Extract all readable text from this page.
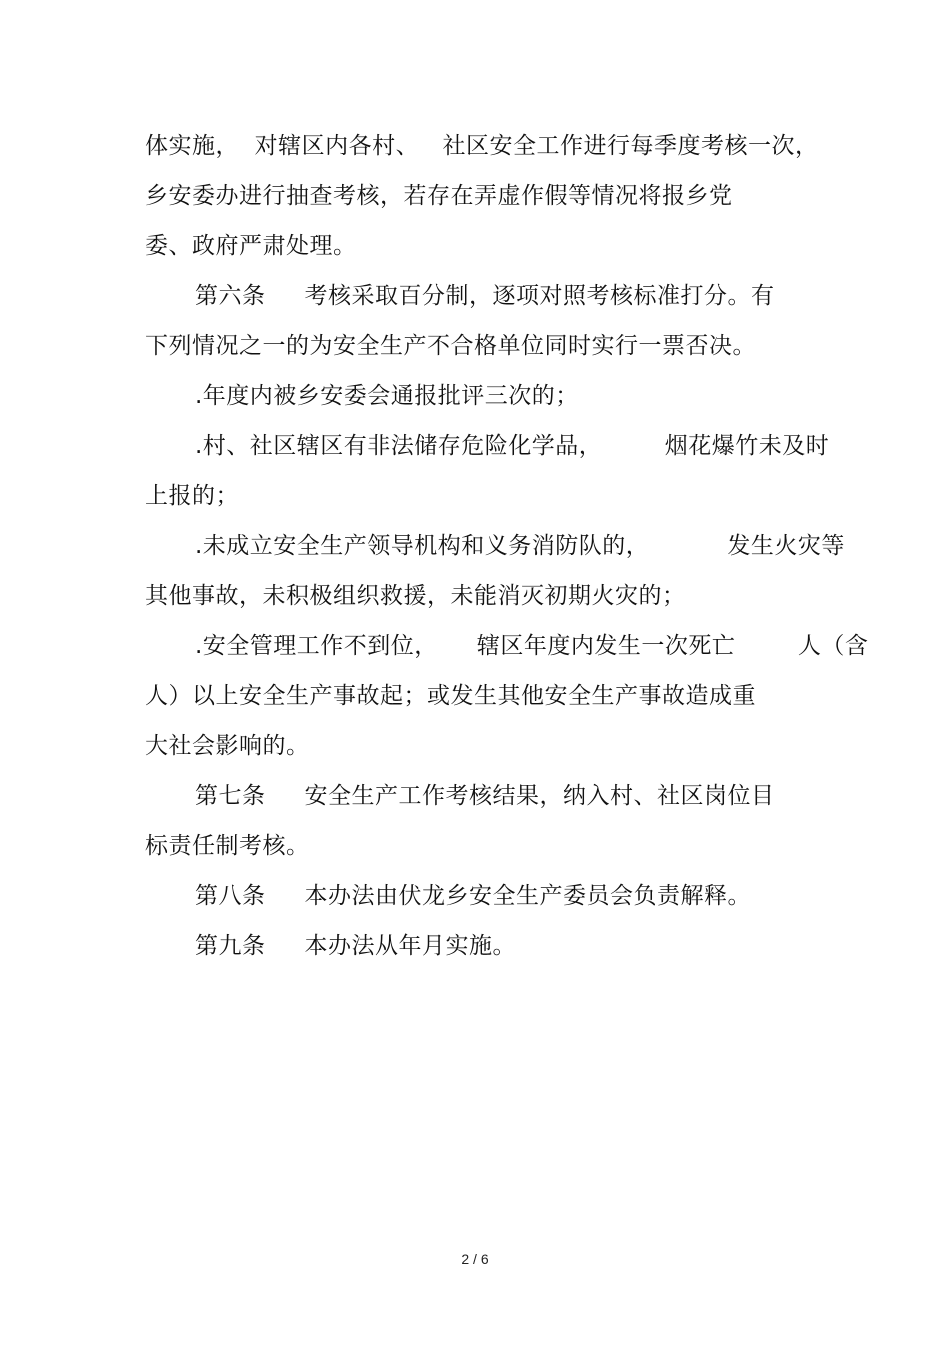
体实施，  对辖区内各村、   社区安全工作进行每季度考核一次，
乡安委办进行抽查考核，若存在弄虚作假等情况将报乡党
委、政府严肃处理。
第六条     考核采取百分制，逐项对照考核标准打分。有
下列情况之一的为安全生产不合格单位同时实行一票否决。
.年度内被乡安委会通报批评三次的；
.村、社区辖区有非法储存危险化学品，        烟花爆竹未及时
上报的；
.未成立安全生产领导机构和义务消防队的，          发生火灾等
其他事故，未积极组织救援，未能消灭初期火灾的；
.安全管理工作不到位，     辖区年度内发生一次死亡        人（含
人）以上安全生产事故起；或发生其他安全生产事故造成重
大社会影响的。
第七条     安全生产工作考核结果，纳入村、社区岗位目
标责任制考核。
第八条     本办法由伏龙乡安全生产委员会负责解释。
第九条     本办法从年月实施。
2 / 6
